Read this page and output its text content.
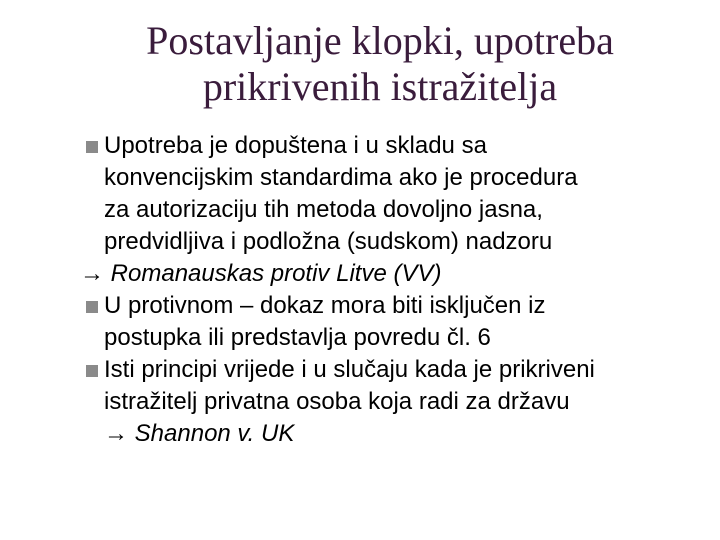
Postavljanje klopki, upotreba
prikrivenih istražitelja
Upotreba je dopuštena i u skladu sa
konvencijskim standardima ako je procedura
za autorizaciju tih metoda dovoljno jasna,
predvidljiva i podložna (sudskom) nadzoru
→ Romanauskas protiv Litve (VV)
U protivnom – dokaz mora biti isključen iz
postupka ili predstavlja povredu čl. 6
Isti principi vrijede i u slučaju kada je prikriveni
istražitelj privatna osoba koja radi za državu
→ Shannon v. UK
